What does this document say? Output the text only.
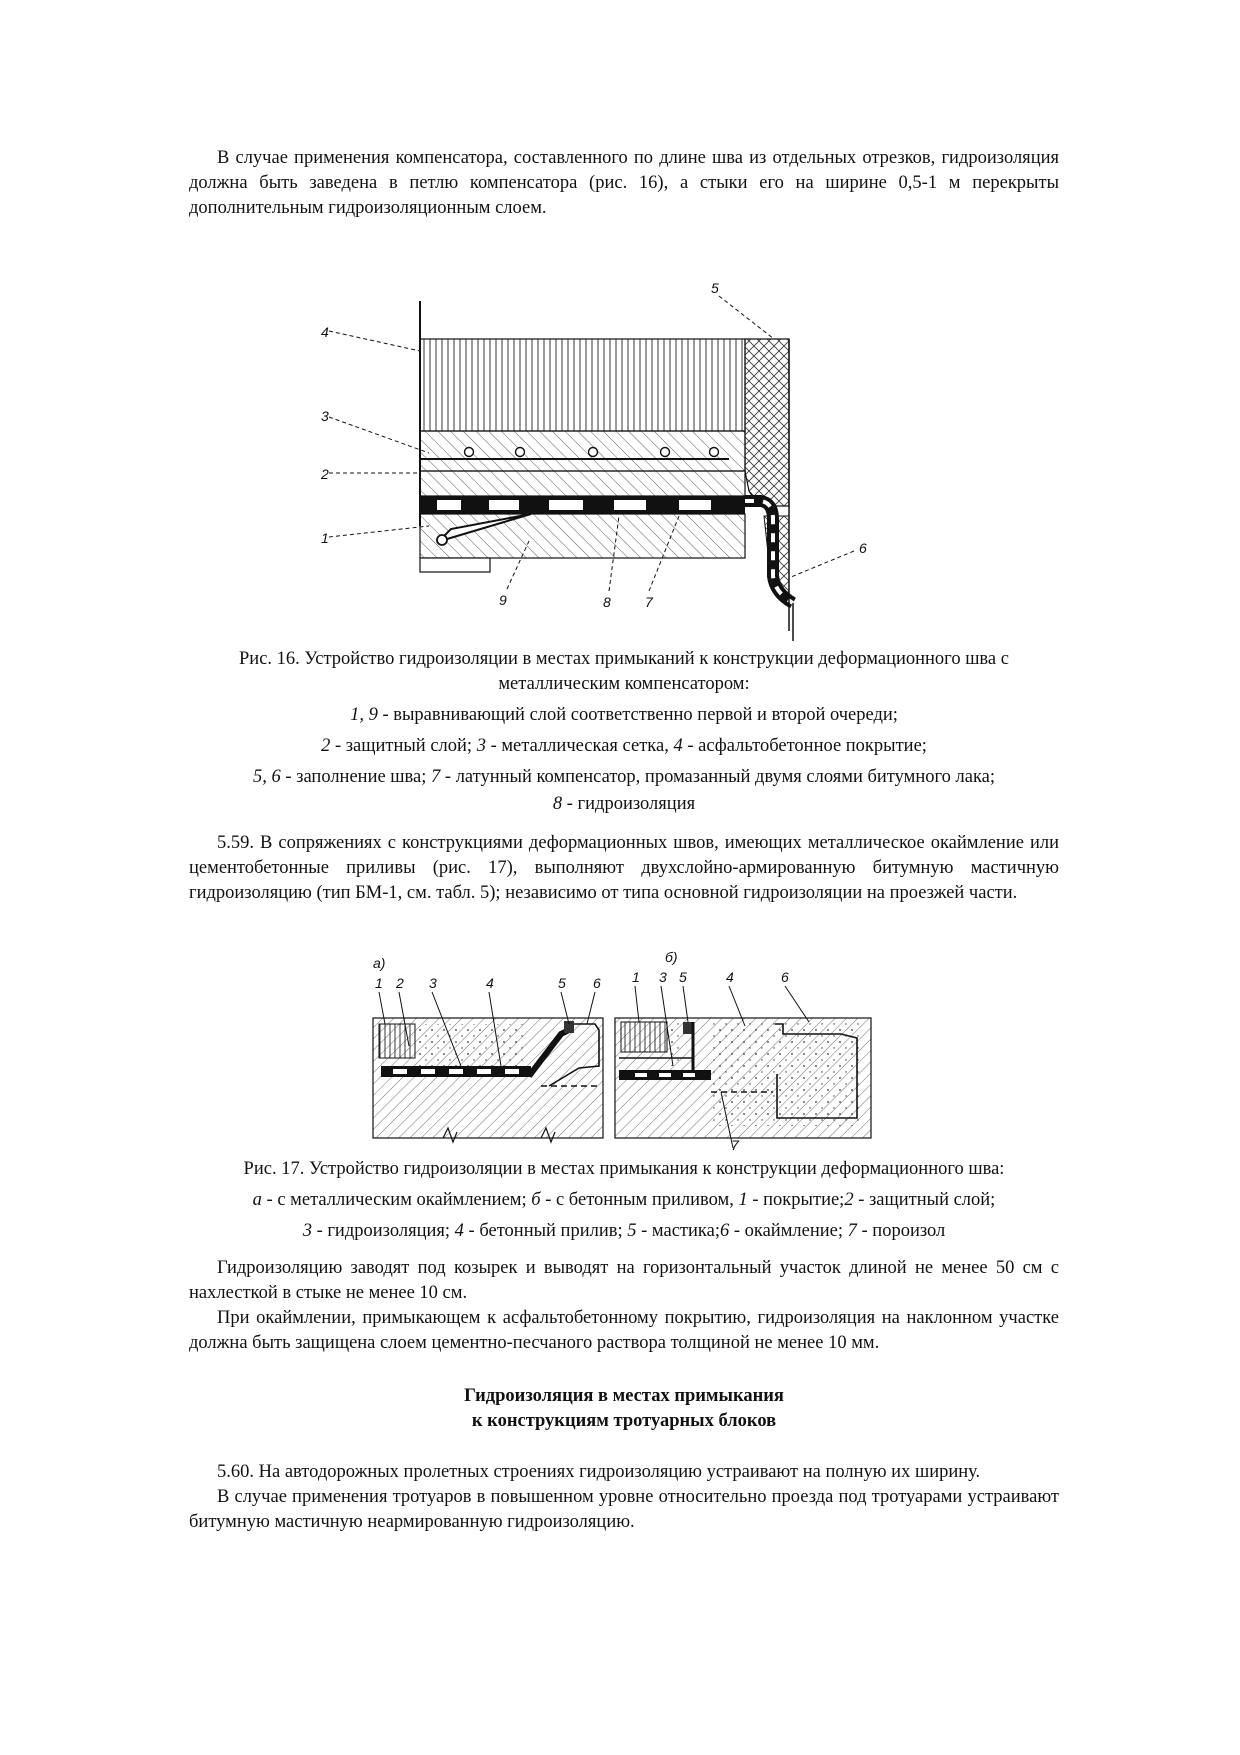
В случае применения компенсатора, составленного по длине шва из отдельных отрезков, гидроизоляция должна быть заведена в петлю компенсатора (рис. 16), а стыки его на ширине 0,5-1 м перекрыты дополнительным гидроизоляционным слоем.

1
2
3
4
5
6
7
8
9
Рис. 16. Устройство гидроизоляции в местах примыканий к конструкции деформационного шва с металлическим компенсатором:
1, 9 - выравнивающий слой соответственно первой и второй очереди;
2 - защитный слой; 3 - металлическая сетка, 4 - асфальтобетонное покрытие;
5, 6 - заполнение шва; 7 - латунный компенсатор, промазанный двумя слоями битумного лака;
8 - гидроизоляция

5.59. В сопряжениях с конструкциями деформационных швов, имеющих металлическое окаймление или цементобетонные приливы (рис. 17), выполняют двухслойно-армированную битумную мастичную гидроизоляцию (тип БМ-1, см. табл. 5); независимо от типа основной гидроизоляции на проезжей части.

а)
1 2 3	4	5 6
б)
1 3 5	4	6
7
Рис. 17. Устройство гидроизоляции в местах примыкания к конструкции деформационного шва:
а - с металлическим окаймлением; б - с бетонным приливом, 1 - покрытие;2 - защитный слой;
3 - гидроизоляция; 4 - бетонный прилив; 5 - мастика;6 - окаймление; 7 - пороизол

Гидроизоляцию заводят под козырек и выводят на горизонтальный участок длиной не менее 50 см с нахлесткой в стыке не менее 10 см.

При окаймлении, примыкающем к асфальтобетонному покрытию, гидроизоляция на наклонном участке должна быть защищена слоем цементно-песчаного раствора толщиной не менее 10 мм.

Гидроизоляция в местах примыкания
к конструкциям тротуарных блоков

5.60. На автодорожных пролетных строениях гидроизоляцию устраивают на полную их ширину.

В случае применения тротуаров в повышенном уровне относительно проезда под тротуарами устраивают битумную мастичную неармированную гидроизоляцию.
